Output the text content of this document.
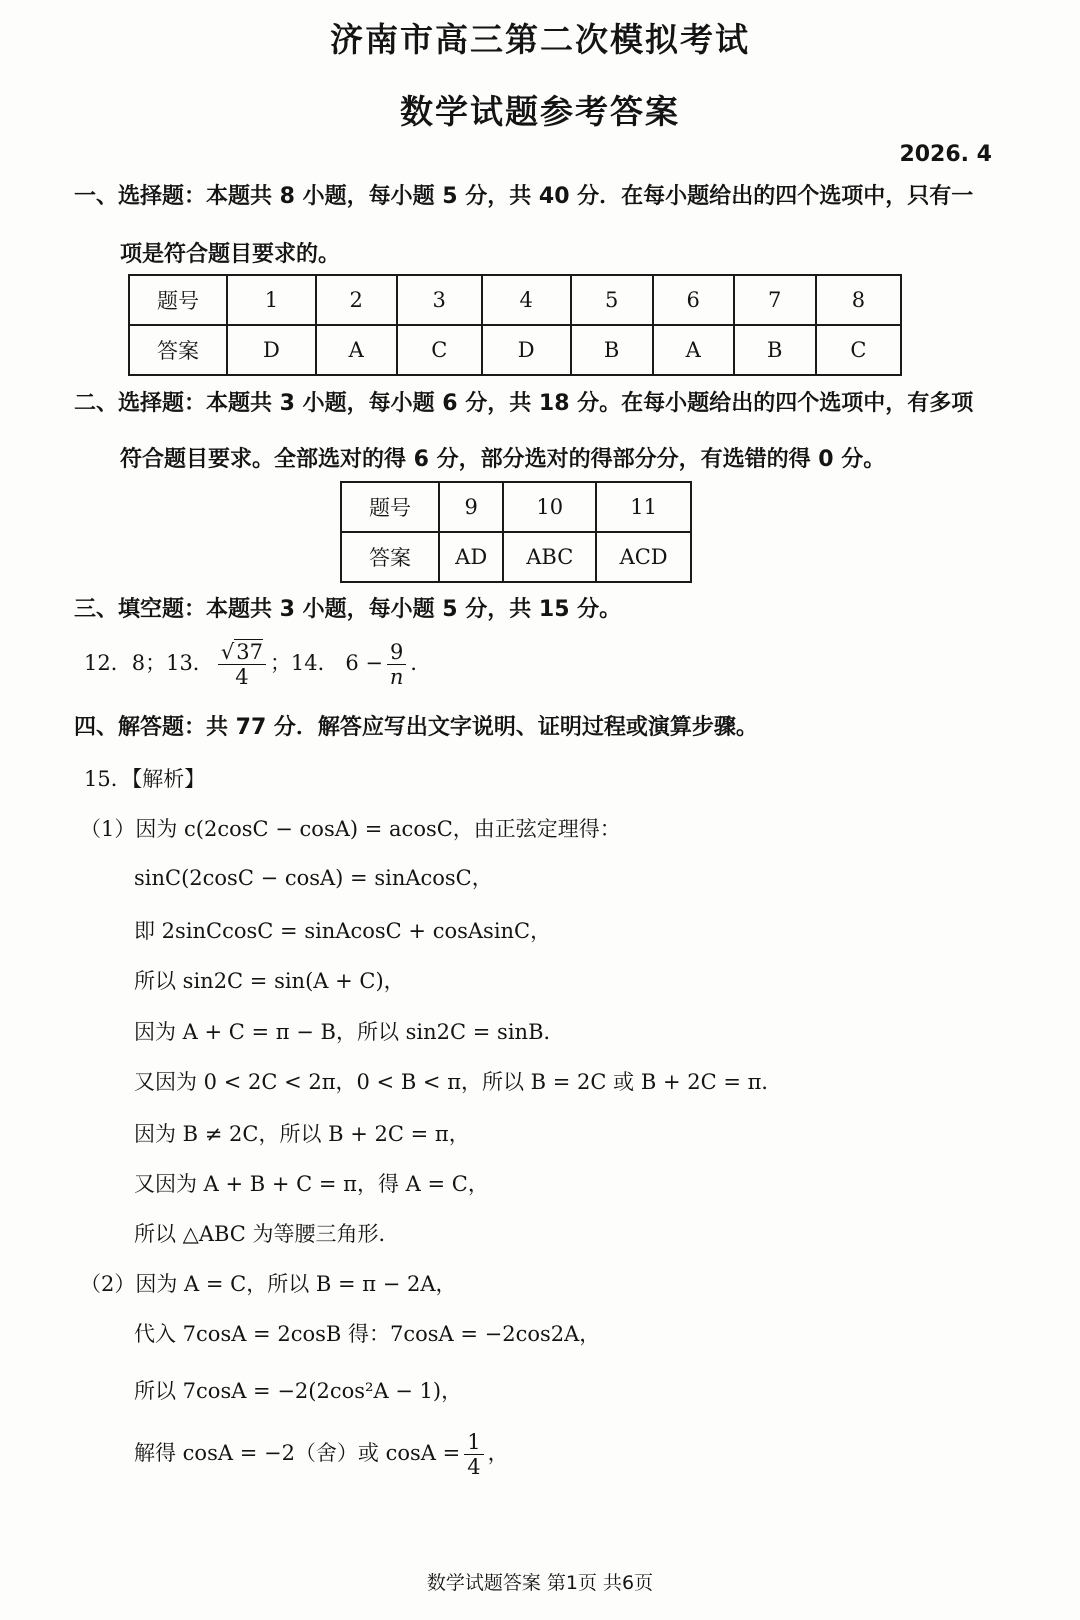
济南市高三第二次模拟考试
数学试题参考答案
2026. 4
一、选择题：本题共 8 小题，每小题 5 分，共 40 分．在每小题给出的四个选项中，只有一
项是符合题目要求的。
题号	1	2	3	4	5	6	7	8
答案	D	A	C	D	B	A	B	C
二、选择题：本题共 3 小题，每小题 6 分，共 18 分。在每小题给出的四个选项中，有多项
符合题目要求。全部选对的得 6 分，部分选对的得部分分，有选错的得 0 分。
题号	9	10	11
答案	AD	ABC	ACD
三、填空题：本题共 3 小题，每小题 5 分，共 15 分。
12．8；13． $\frac{√37}{4}$ ；14． $6 - \frac{9}{n}$ ．
四、解答题：共 77 分．解答应写出文字说明、证明过程或演算步骤。
15．【解析】
（1）因为 c(2cosC − cosA) = acosC，由正弦定理得：
sinC(2cosC − cosA) = sinAcosC，
即 2sinCcosC = sinAcosC + cosAsinC，
所以 sin2C = sin(A + C)，
因为 A + C = π − B，所以 sin2C = sinB．
又因为 0 < 2C < 2π，0 < B < π，所以 B = 2C 或 B + 2C = π．
因为 B ≠ 2C，所以 B + 2C = π，
又因为 A + B + C = π，得 A = C，
所以 △ABC 为等腰三角形．
（2）因为 A = C，所以 B = π − 2A，
代入 7cosA = 2cosB 得：7cosA = −2cos2A，
所以 7cosA = −2(2cos²A − 1)，
解得 cosA = −2（舍）或 $\cos A = \frac{1}{4}$ ，
数学试题答案 第1页 共6页
